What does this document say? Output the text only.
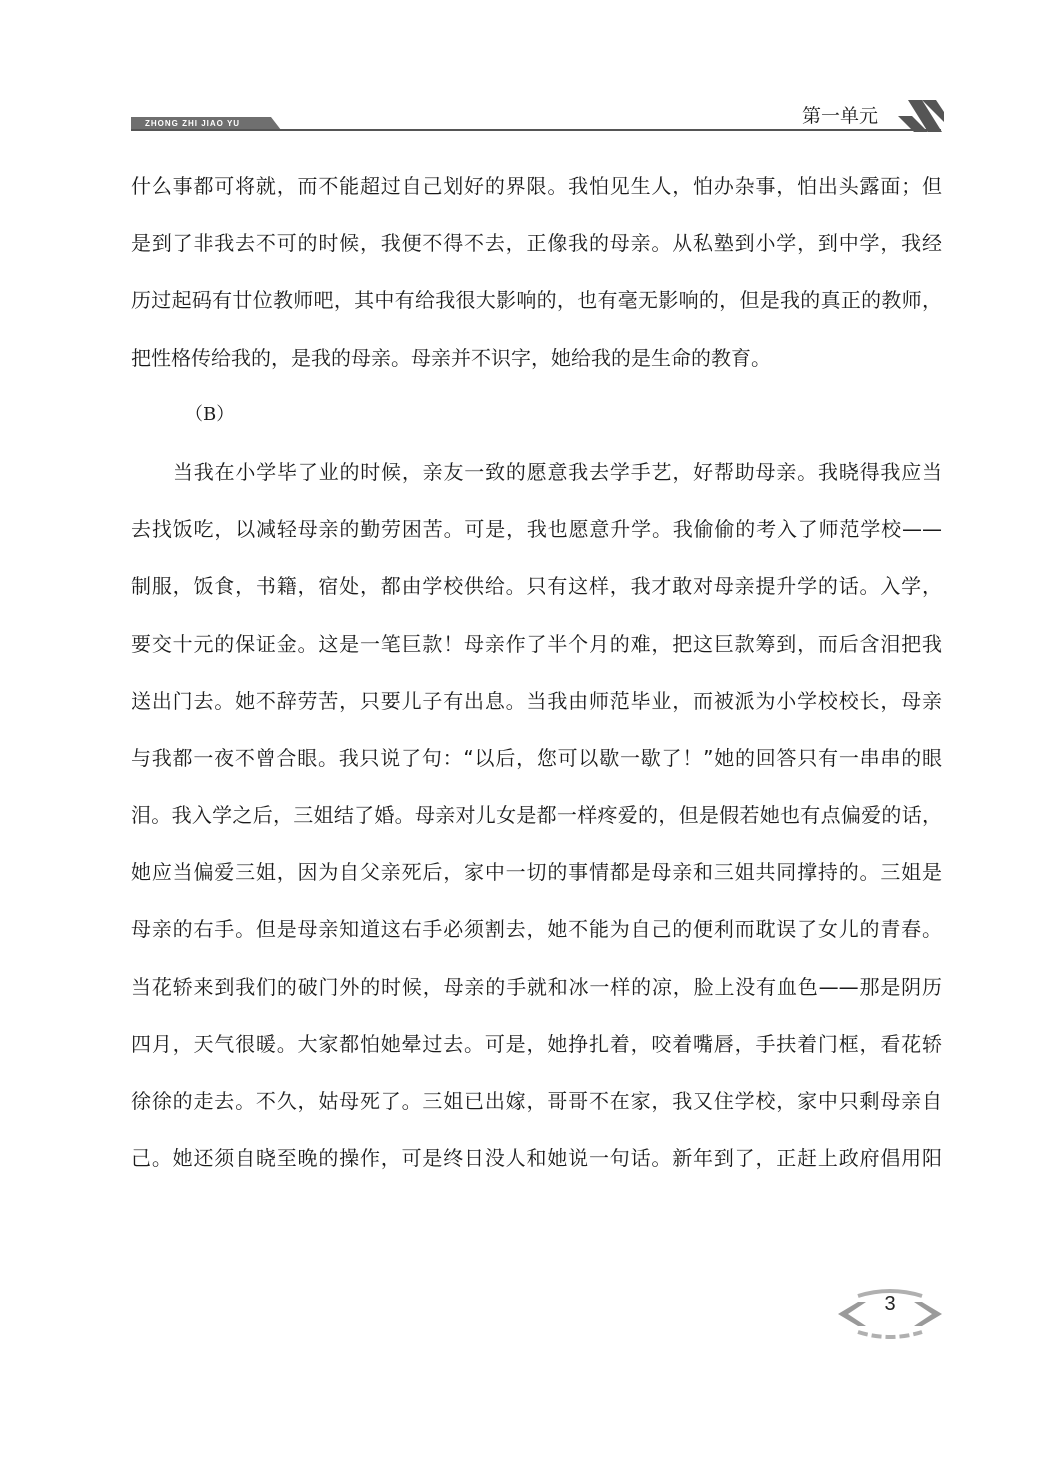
ZHONG ZHI JIAO YU	第一单元
什么事都可将就，而不能超过自己划好的界限。我怕见生人，怕办杂事，怕出头露面；但
是到了非我去不可的时候，我便不得不去，正像我的母亲。从私塾到小学，到中学，我经
历过起码有廿位教师吧，其中有给我很大影响的，也有毫无影响的，但是我的真正的教师，
把性格传给我的，是我的母亲。母亲并不识字，她给我的是生命的教育。
（B）
当我在小学毕了业的时候，亲友一致的愿意我去学手艺，好帮助母亲。我晓得我应当
去找饭吃，以减轻母亲的勤劳困苦。可是，我也愿意升学。我偷偷的考入了师范学校——
制服，饭食，书籍，宿处，都由学校供给。只有这样，我才敢对母亲提升学的话。入学，
要交十元的保证金。这是一笔巨款！母亲作了半个月的难，把这巨款筹到，而后含泪把我
送出门去。她不辞劳苦，只要儿子有出息。当我由师范毕业，而被派为小学校校长，母亲
与我都一夜不曾合眼。我只说了句：“以后，您可以歇一歇了！”她的回答只有一串串的眼
泪。我入学之后，三姐结了婚。母亲对儿女是都一样疼爱的，但是假若她也有点偏爱的话，
她应当偏爱三姐，因为自父亲死后，家中一切的事情都是母亲和三姐共同撑持的。三姐是
母亲的右手。但是母亲知道这右手必须割去，她不能为自己的便利而耽误了女儿的青春。
当花轿来到我们的破门外的时候，母亲的手就和冰一样的凉，脸上没有血色——那是阴历
四月，天气很暖。大家都怕她晕过去。可是，她挣扎着，咬着嘴唇，手扶着门框，看花轿
徐徐的走去。不久，姑母死了。三姐已出嫁，哥哥不在家，我又住学校，家中只剩母亲自
己。她还须自晓至晚的操作，可是终日没人和她说一句话。新年到了，正赶上政府倡用阳
3
